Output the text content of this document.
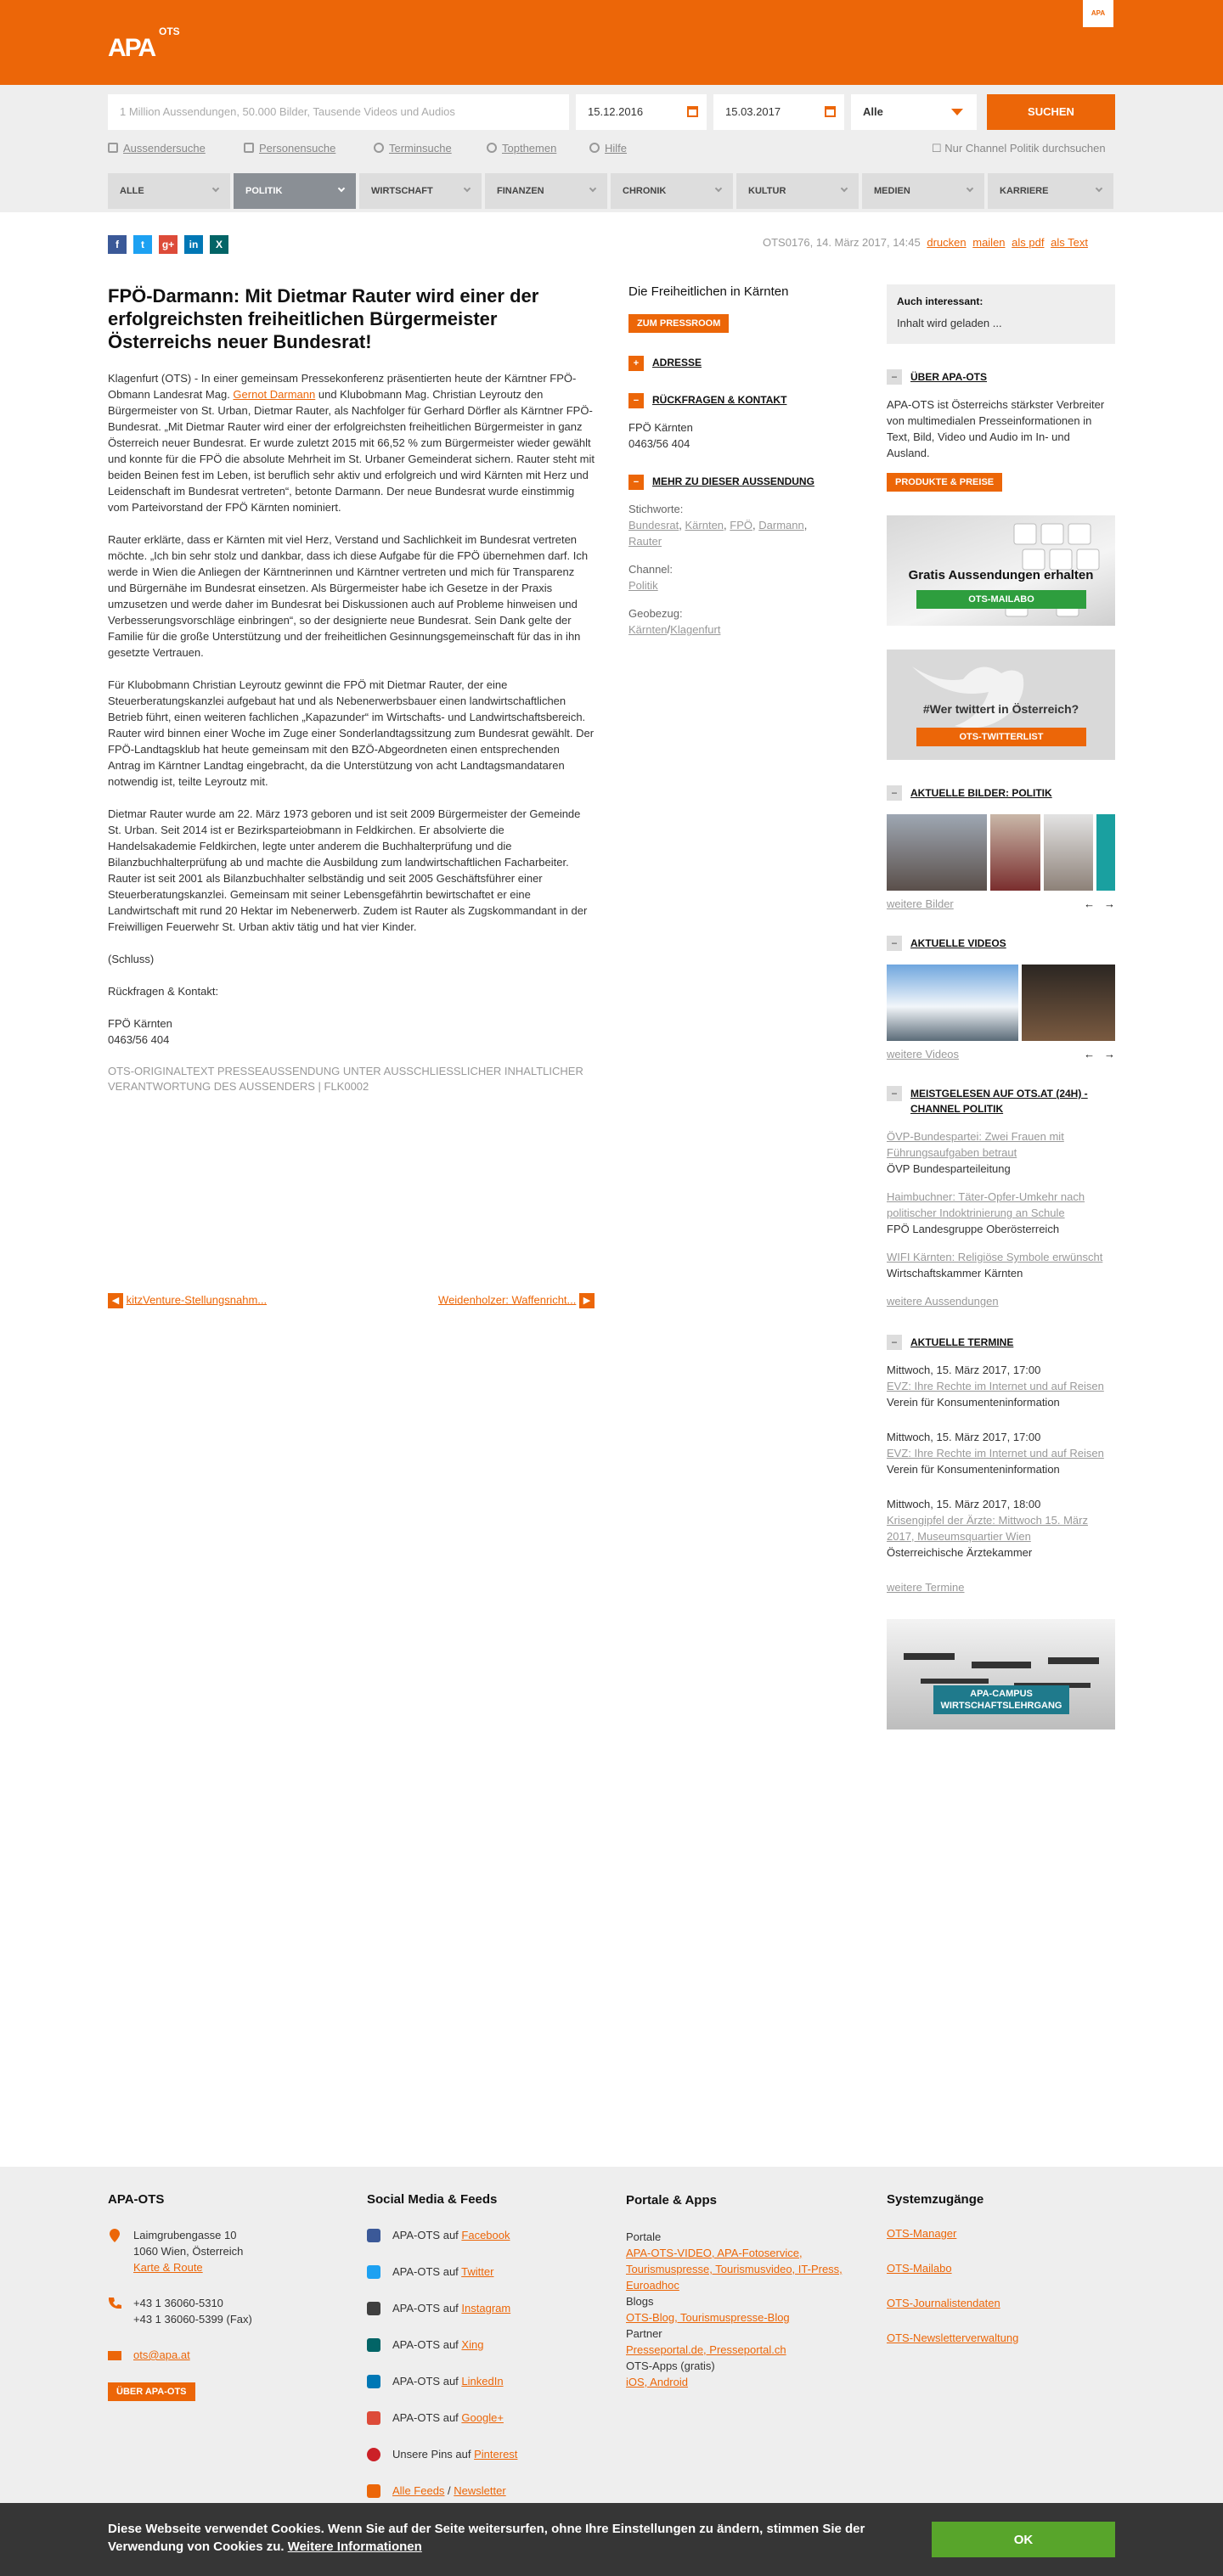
APA
OTS
APA
1 Million Aussendungen, 50.000 Bilder, Tausende Videos und Audios	15.12.2016	15.03.2017	Alle	SUCHEN
Aussendersuche	Personensuche	Terminsuche	Topthemen	Hilfe	☐ Nur Channel Politik durchsuchen
ALLE	POLITIK	WIRTSCHAFT	FINANZEN	CHRONIK	KULTUR	MEDIEN	KARRIERE
f t g+ in X	OTS0176, 14. März 2017, 14:45 drucken mailen als pdf als Text
FPÖ-Darmann: Mit Dietmar Rauter wird einer der erfolgreichsten freiheitlichen Bürgermeister Österreichs neuer Bundesrat!

Klagenfurt (OTS) - In einer gemeinsam Pressekonferenz präsentierten heute der Kärntner FPÖ-Obmann Landesrat Mag. Gernot Darmann und Klubobmann Mag. Christian Leyroutz den Bürgermeister von St. Urban, Dietmar Rauter, als Nachfolger für Gerhard Dörfler als Kärntner FPÖ-Bundesrat. „Mit Dietmar Rauter wird einer der erfolgreichsten freiheitlichen Bürgermeister in ganz Österreich neuer Bundesrat. Er wurde zuletzt 2015 mit 66,52 % zum Bürgermeister wieder gewählt und konnte für die FPÖ die absolute Mehrheit im St. Urbaner Gemeinderat sichern. Rauter steht mit beiden Beinen fest im Leben, ist beruflich sehr aktiv und erfolgreich und wird Kärnten mit Herz und Leidenschaft im Bundesrat vertreten“, betonte Darmann. Der neue Bundesrat wurde einstimmig vom Parteivorstand der FPÖ Kärnten nominiert.

Rauter erklärte, dass er Kärnten mit viel Herz, Verstand und Sachlichkeit im Bundesrat vertreten möchte. „Ich bin sehr stolz und dankbar, dass ich diese Aufgabe für die FPÖ übernehmen darf. Ich werde in Wien die Anliegen der Kärntnerinnen und Kärntner vertreten und mich für Transparenz und Bürgernähe im Bundesrat einsetzen. Als Bürgermeister habe ich Gesetze in der Praxis umzusetzen und werde daher im Bundesrat bei Diskussionen auch auf Probleme hinweisen und Verbesserungsvorschläge einbringen“, so der designierte neue Bundesrat. Sein Dank gelte der Familie für die große Unterstützung und der freiheitlichen Gesinnungsgemeinschaft für das in ihn gesetzte Vertrauen.

Für Klubobmann Christian Leyroutz gewinnt die FPÖ mit Dietmar Rauter, der eine Steuerberatungskanzlei aufgebaut hat und als Nebenerwerbsbauer einen landwirtschaftlichen Betrieb führt, einen weiteren fachlichen „Kapazunder“ im Wirtschafts- und Landwirtschaftsbereich. Rauter wird binnen einer Woche im Zuge einer Sonderlandtagssitzung zum Bundesrat gewählt. Der FPÖ-Landtagsklub hat heute gemeinsam mit den BZÖ-Abgeordneten einen entsprechenden Antrag im Kärntner Landtag eingebracht, da die Unterstützung von acht Landtagsmandataren notwendig ist, teilte Leyroutz mit.

Dietmar Rauter wurde am 22. März 1973 geboren und ist seit 2009 Bürgermeister der Gemeinde St. Urban. Seit 2014 ist er Bezirksparteiobmann in Feldkirchen. Er absolvierte die Handelsakademie Feldkirchen, legte unter anderem die Buchhalterprüfung und die Bilanzbuchhalterprüfung ab und machte die Ausbildung zum landwirtschaftlichen Facharbeiter. Rauter ist seit 2001 als Bilanzbuchhalter selbständig und seit 2005 Geschäftsführer einer Steuerberatungskanzlei. Gemeinsam mit seiner Lebensgefährtin bewirtschaftet er eine Landwirtschaft mit rund 20 Hektar im Nebenerwerb. Zudem ist Rauter als Zugskommandant in der Freiwilligen Feuerwehr St. Urban aktiv tätig und hat vier Kinder.

(Schluss)

Rückfragen & Kontakt:

FPÖ Kärnten

0463/56 404

OTS-ORIGINALTEXT PRESSEAUSSENDUNG UNTER AUSSCHLIESSLICHER INHALTLICHER VERANTWORTUNG DES AUSSENDERS | FLK0002
◀ kitzVenture-Stellungsnahm...	Weidenholzer: Waffenricht... ▶
Die Freiheitlichen in Kärnten
ZUM PRESSROOM
+ ADRESSE
− RÜCKFRAGEN & KONTAKT
FPÖ Kärnten
0463/56 404
− MEHR ZU DIESER AUSSENDUNG
Stichworte:
Bundesrat, Kärnten, FPÖ, Darmann,
Rauter
Channel:
Politik
Geobezug:
Kärnten/Klagenfurt
Auch interessant:
Inhalt wird geladen ...
− ÜBER APA-OTS
APA-OTS ist Österreichs stärkster Verbreiter von multimedialen Presseinformationen in Text, Bild, Video und Audio im In- und Ausland.
PRODUKTE & PREISE
Gratis Aussendungen erhalten
OTS-MAILABO
#Wer twittert in Österreich?
OTS-TWITTERLIST
− AKTUELLE BILDER: POLITIK
weitere Bilder	←   →
− AKTUELLE VIDEOS
weitere Videos	←   →
−	MEISTGELESEN AUF OTS.AT (24H) - CHANNEL POLITIK
ÖVP-Bundespartei: Zwei Frauen mit Führungsaufgaben betraut
ÖVP Bundesparteileitung
Haimbuchner: Täter-Opfer-Umkehr nach politischer Indoktrinierung an Schule
FPÖ Landesgruppe Oberösterreich
WIFI Kärnten: Religiöse Symbole erwünscht
Wirtschaftskammer Kärnten
weitere Aussendungen
− AKTUELLE TERMINE
Mittwoch, 15. März 2017, 17:00
EVZ: Ihre Rechte im Internet und auf Reisen
Verein für Konsumenteninformation
Mittwoch, 15. März 2017, 17:00
EVZ: Ihre Rechte im Internet und auf Reisen
Verein für Konsumenteninformation
Mittwoch, 15. März 2017, 18:00
Krisengipfel der Ärzte: Mittwoch 15. März 2017, Museumsquartier Wien
Österreichische Ärztekammer
weitere Termine
APA-CAMPUS WIRTSCHAFTSLEHRGANG
APA-OTS
Laimgrubengasse 10
1060 Wien, Österreich
Karte & Route
+43 1 36060-5310
+43 1 36060-5399 (Fax)
ots@apa.at
ÜBER APA-OTS
Social Media & Feeds
APA-OTS auf Facebook
APA-OTS auf Twitter
APA-OTS auf Instagram
APA-OTS auf Xing
APA-OTS auf LinkedIn
APA-OTS auf Google+
Unsere Pins auf Pinterest
Alle Feeds / Newsletter
Portale & Apps
Portale
APA-OTS-VIDEO, APA-Fotoservice, Tourismuspresse, Tourismusvideo, IT-Press, Euroadhoc
Blogs
OTS-Blog, Tourismuspresse-Blog
Partner
Presseportal.de, Presseportal.ch
OTS-Apps (gratis)
iOS, Android
Systemzugänge
OTS-Manager
OTS-Mailabo
OTS-Journalistendaten
OTS-Newsletterverwaltung

Diese Webseite verwendet Cookies. Wenn Sie auf der Seite weitersurfen, ohne Ihre Einstellungen zu ändern, stimmen Sie der Verwendung von Cookies zu. Weitere Informationen	OK
